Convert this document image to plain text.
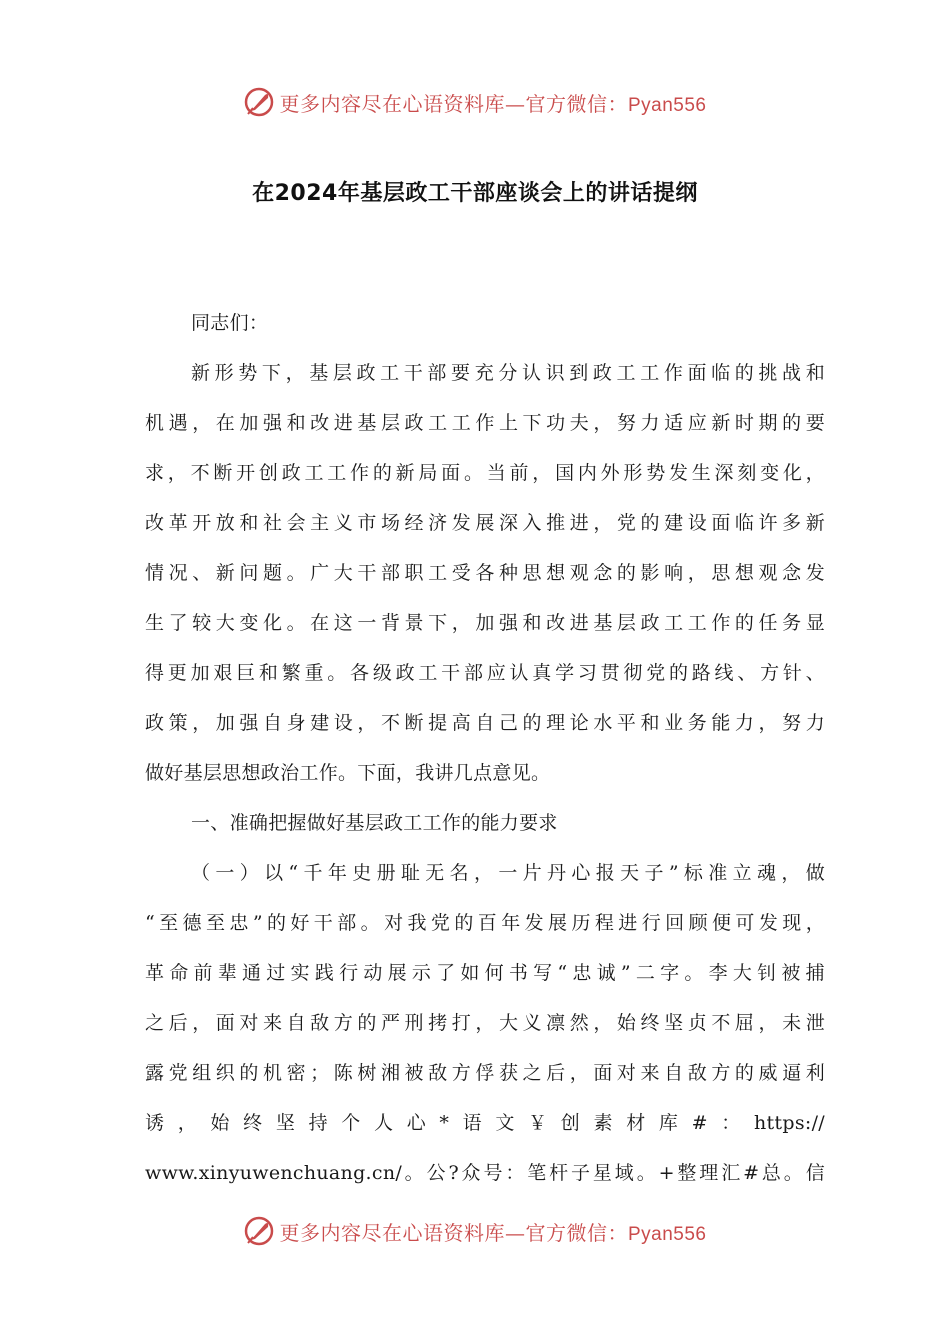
更多内容尽在心语资料库—官方微信：Pyan556
在2024年基层政工干部座谈会上的讲话提纲
同志们：
新形势下，基层政工干部要充分认识到政工工作面临的挑战和
机遇，在加强和改进基层政工工作上下功夫，努力适应新时期的要
求，不断开创政工工作的新局面。当前，国内外形势发生深刻变化，
改革开放和社会主义市场经济发展深入推进，党的建设面临许多新
情况、新问题。广大干部职工受各种思想观念的影响，思想观念发
生了较大变化。在这一背景下，加强和改进基层政工工作的任务显
得更加艰巨和繁重。各级政工干部应认真学习贯彻党的路线、方针、
政策，加强自身建设，不断提高自己的理论水平和业务能力，努力
做好基层思想政治工作。下面，我讲几点意见。
一、准确把握做好基层政工工作的能力要求
（一）以“千年史册耻无名，一片丹心报天子”标准立魂，做
“至德至忠”的好干部。对我党的百年发展历程进行回顾便可发现，
革命前辈通过实践行动展示了如何书写“忠诚”二字。李大钊被捕
之后，面对来自敌方的严刑拷打，大义凛然，始终坚贞不屈，未泄
露党组织的机密；陈树湘被敌方俘获之后，面对来自敌方的威逼利
诱，始终坚持个人心*语文￥创素材库#：https://
www.xinyuwenchuang.cn/。公?众号：笔杆子星域。+整理汇#总。信
更多内容尽在心语资料库—官方微信：Pyan556
